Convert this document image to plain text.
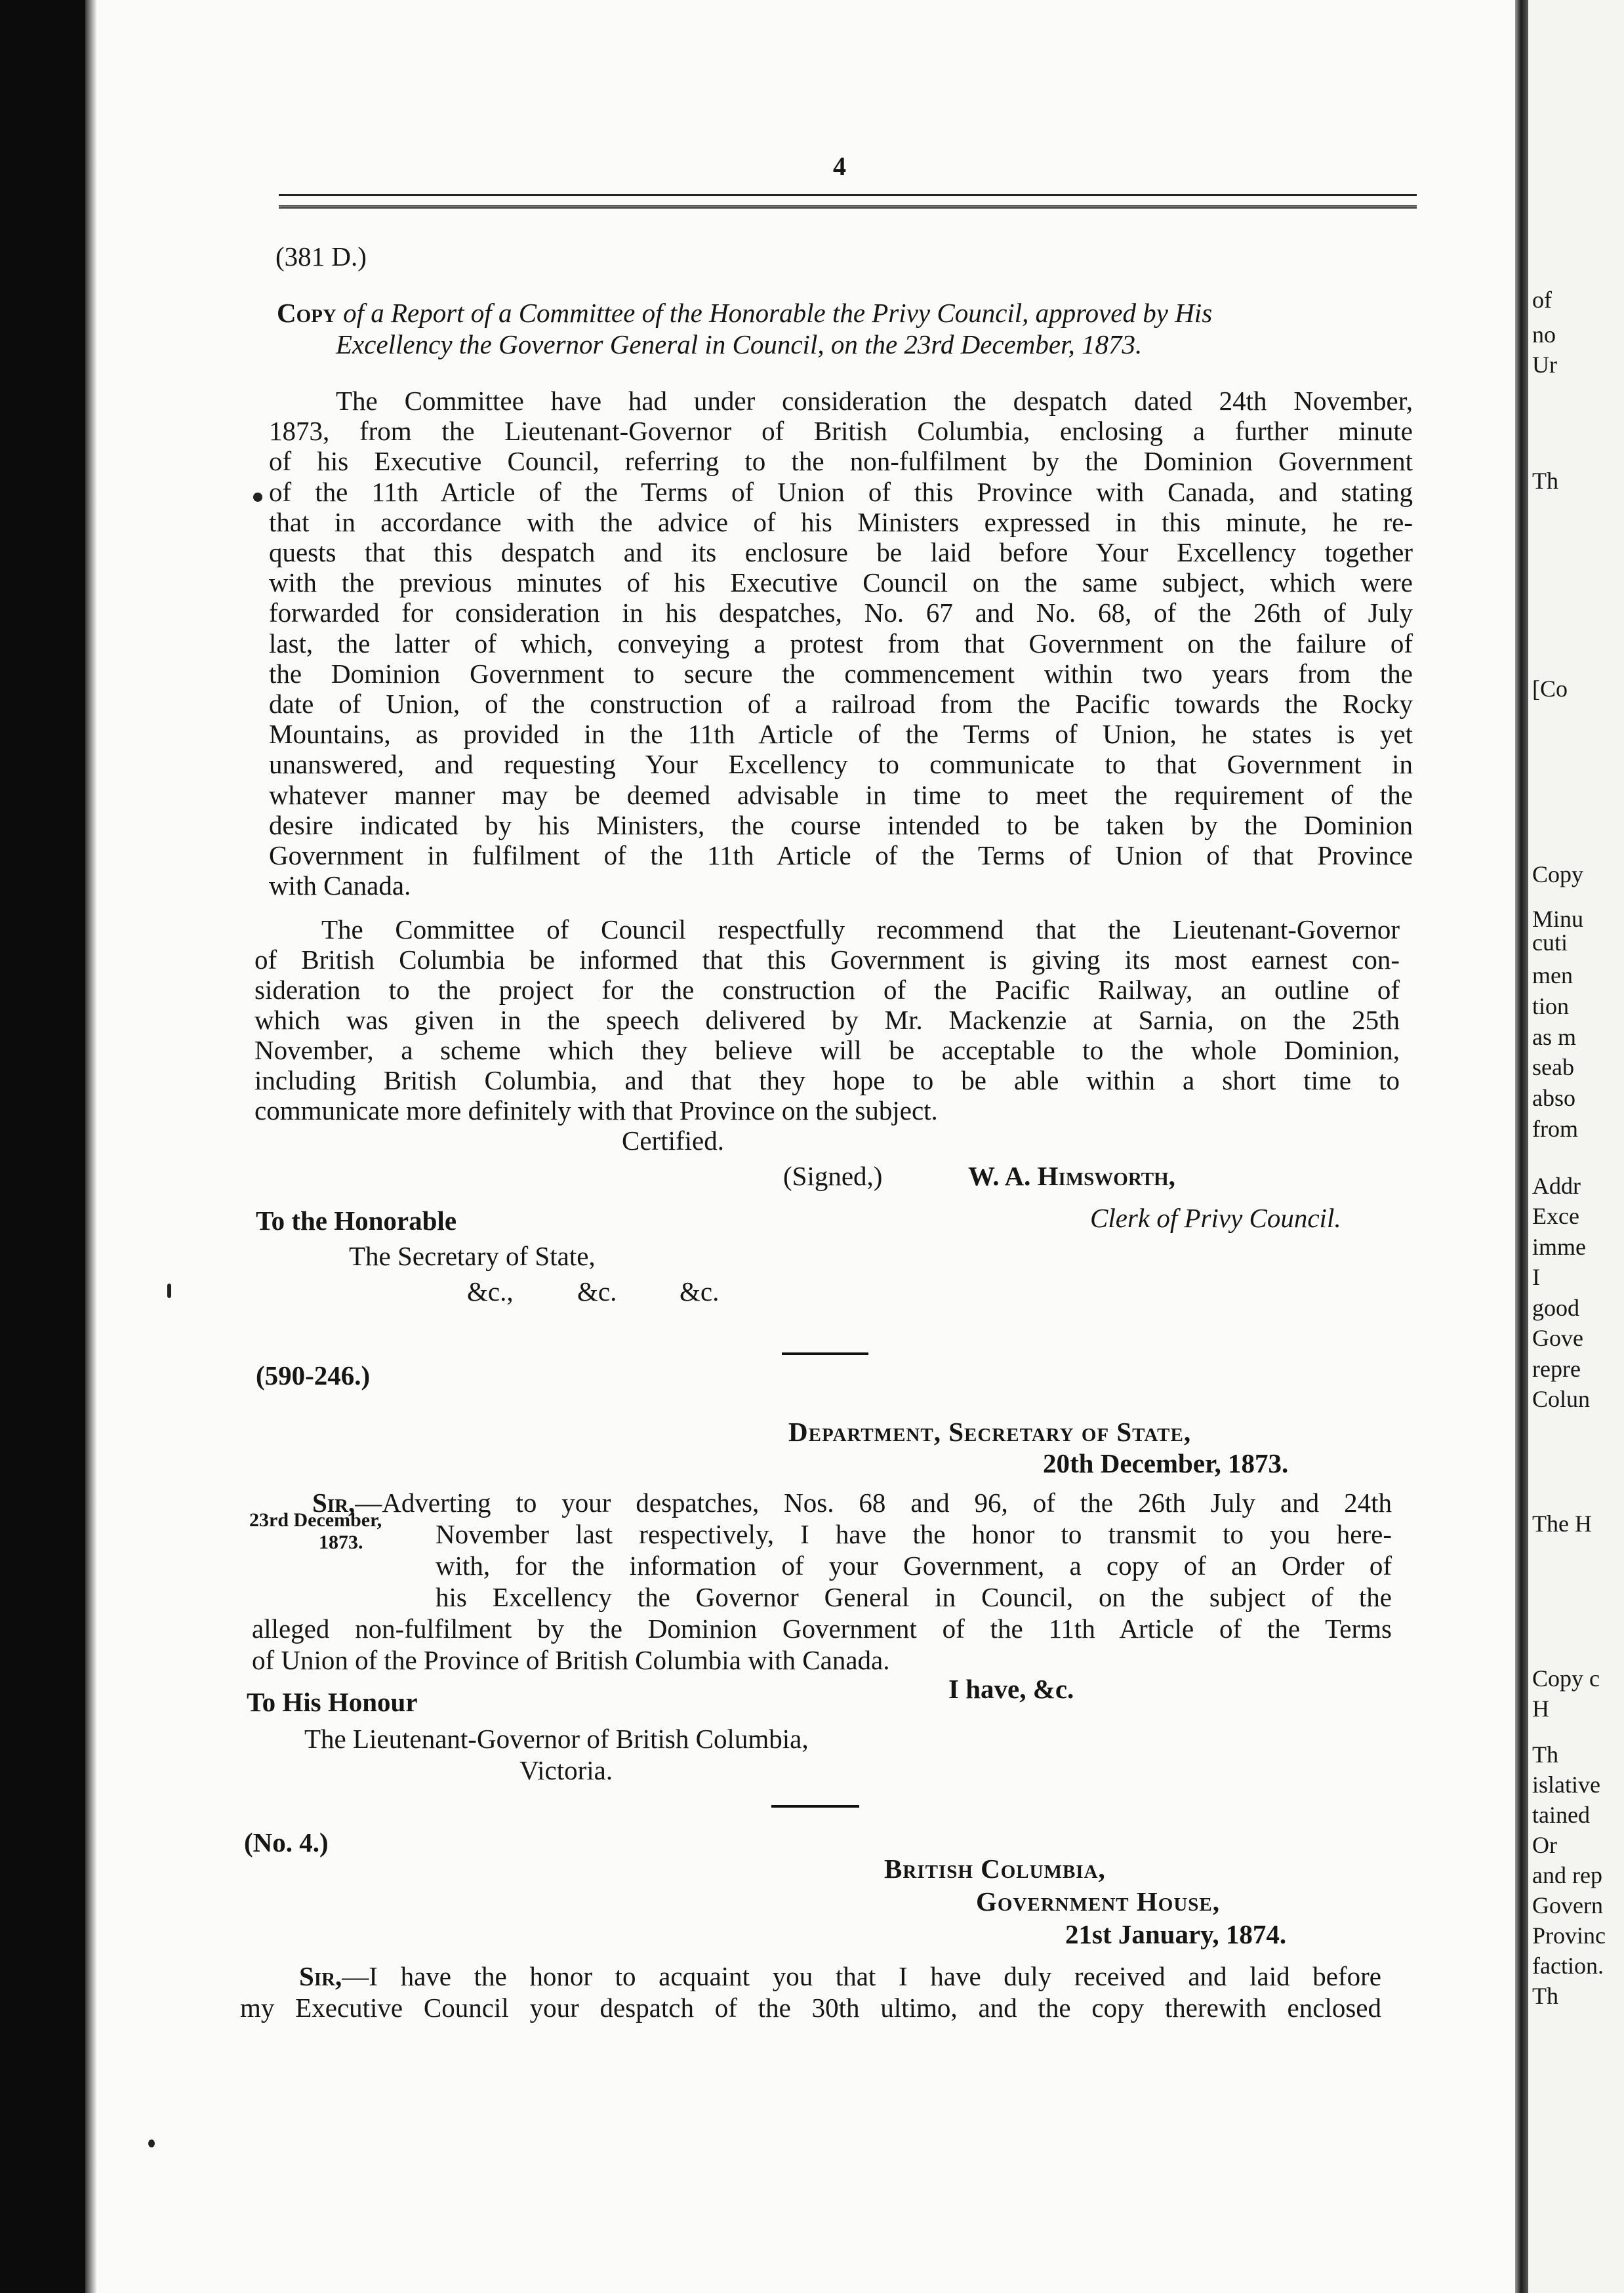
4
(381 D.)
Copy of a Report of a Committee of the Honorable the Privy Council, approved by His
Excellency the Governor General in Council, on the 23rd December, 1873.
The Committee have had under consideration the despatch dated 24th November,
1873, from the Lieutenant-Governor of British Columbia, enclosing a further minute
of his Executive Council, referring to the non-fulfilment by the Dominion Government
of the 11th Article of the Terms of Union of this Province with Canada, and stating
that in accordance with the advice of his Ministers expressed in this minute, he re-
quests that this despatch and its enclosure be laid before Your Excellency together
with the previous minutes of his Executive Council on the same subject, which were
forwarded for consideration in his despatches, No. 67 and No. 68, of the 26th of July
last, the latter of which, conveying a protest from that Government on the failure of
the Dominion Government to secure the commencement within two years from the
date of Union, of the construction of a railroad from the Pacific towards the Rocky
Mountains, as provided in the 11th Article of the Terms of Union, he states is yet
unanswered, and requesting Your Excellency to communicate to that Government in
whatever manner may be deemed advisable in time to meet the requirement of the
desire indicated by his Ministers, the course intended to be taken by the Dominion
Government in fulfilment of the 11th Article of the Terms of Union of that Province
with Canada.
The Committee of Council respectfully recommend that the Lieutenant-Governor
of British Columbia be informed that this Government is giving its most earnest con-
sideration to the project for the construction of the Pacific Railway, an outline of
which was given in the speech delivered by Mr. Mackenzie at Sarnia, on the 25th
November, a scheme which they believe will be acceptable to the whole Dominion,
including British Columbia, and that they hope to be able within a short time to
communicate more definitely with that Province on the subject.
Certified.
(Signed,)	W. A. Himsworth,
Clerk of Privy Council.
To the Honorable
The Secretary of State,
&c., &c. &c.
(590-246.)
Department, Secretary of State,
20th December, 1873.
Sir,—Adverting to your despatches, Nos. 68 and 96, of the 26th July and 24th
November last respectively, I have the honor to transmit to you here-
with, for the information of your Government, a copy of an Order of
his Excellency the Governor General in Council, on the subject of the
alleged non-fulfilment by the Dominion Government of the 11th Article of the Terms
of Union of the Province of British Columbia with Canada.
23rd December,
1873.
I have, &c.
To His Honour
The Lieutenant-Governor of British Columbia,
Victoria.
(No. 4.)
British Columbia,
Government House,
21st January, 1874.
Sir,—I have the honor to acquaint you that I have duly received and laid before
my Executive Council your despatch of the 30th ultimo, and the copy therewith enclosed
of
no
Ur
Th
[Co
Copy
Minu
cuti
men
tion
as m
seab
abso
from
Addr
Exce
imme
I
good
Gove
repre
Colun
The H
Copy c
H
Th
islative
tained
Or
and rep
Govern
Provinc
faction.
Th
